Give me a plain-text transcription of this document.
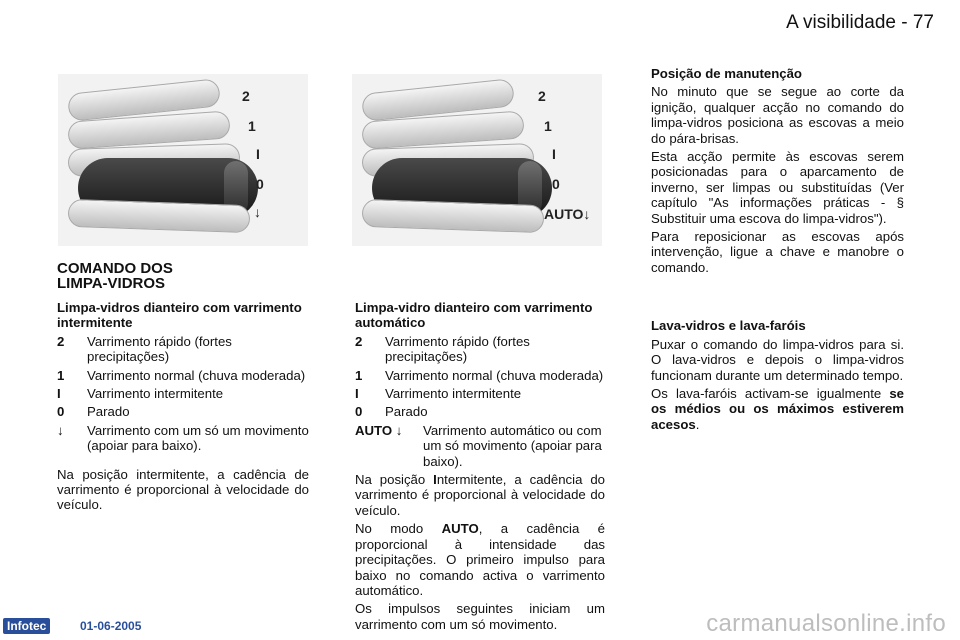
A visibilidade - 77
2
1
I
0
↓
2
1
I
0
AUTO↓
COMANDO DOS LIMPA-VIDROS
Limpa-vidros dianteiro com varrimento intermitente
2	Varrimento rápido (fortes precipitações)
1	Varrimento normal (chuva moderada)
I	Varrimento intermitente
0	Parado
↓	Varrimento com um só um movimento (apoiar para baixo).

Na posição intermitente, a cadência de varrimento é proporcional à velocidade do veículo.

Limpa-vidro dianteiro com varrimento automático
2	Varrimento rápido (fortes precipitações)
1	Varrimento normal (chuva moderada)
I	Varrimento intermitente
0	Parado
AUTO ↓	Varrimento automático ou com um só movimento (apoiar para baixo).

Na posição Intermitente, a cadência do varrimento é proporcional à velocidade do veículo.

No modo AUTO, a cadência é proporcional à intensidade das precipitações. O primeiro impulso para baixo no comando activa o varrimento automático.

Os impulsos seguintes iniciam um varrimento com um só movimento.

Posição de manutenção

No minuto que se segue ao corte da ignição, qualquer acção no comando do limpa-vidros posiciona as escovas a meio do pára-brisas.

Esta acção permite às escovas serem posicionadas para o aparcamento de inverno, ser limpas ou substituídas (Ver capítulo "As informações práticas - § Substituir uma escova do limpa-vidros").

Para reposicionar as escovas após intervenção, ligue a chave e manobre o comando.

Lava-vidros e lava-faróis

Puxar o comando do limpa-vidros para si. O lava-vidros e depois o limpa-vidros funcionam durante um determinado tempo.

Os lava-faróis activam-se igualmente se os médios ou os máximos estiverem acesos.

Infotec	01-06-2005	carmanualsonline.info
